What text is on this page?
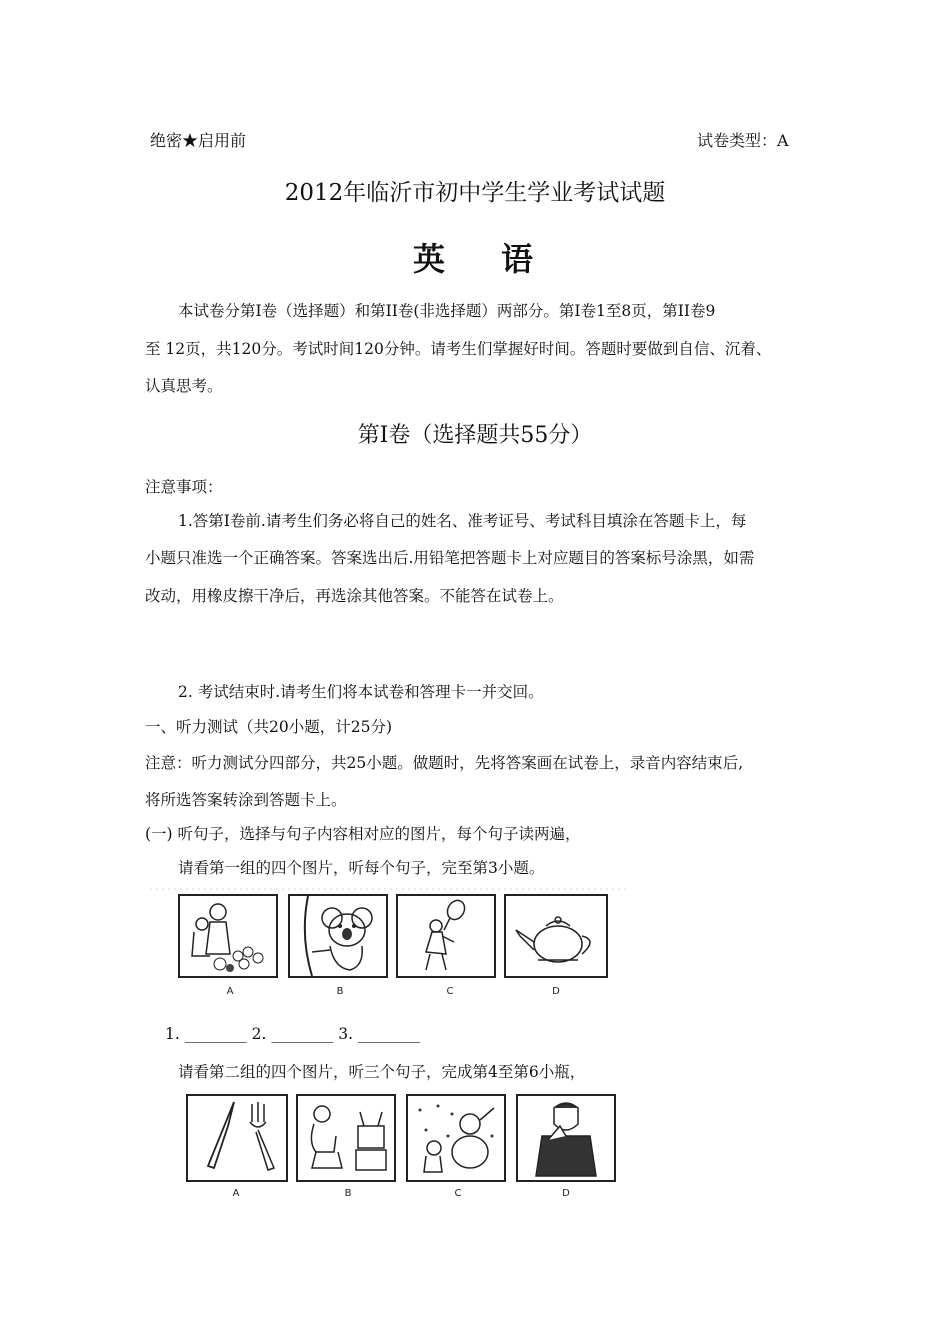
绝密★启用前	试卷类型：A
2012年临沂市初中学生学业考试试题
英 语
本试卷分第I卷（选择题）和第II卷(非选择题）两部分。第I卷1至8页，第II卷9
至 12页，共120分。考试时间120分钟。请考生们掌握好时间。答题时要做到自信、沉着、
认真思考。
第I卷（选择题共55分）
注意事项：
1.答第I卷前.请考生们务必将自己的姓名、准考证号、考试科目填涂在答题卡上，每
小题只准选一个正确答案。答案选出后.用铅笔把答题卡上对应题目的答案标号涂黑，如需
改动，用橡皮擦干净后，再选涂其他答案。不能答在试卷上。
2. 考试结束时.请考生们将本试卷和答理卡一并交回。
一、听力测试（共20小题，计25分)
注意：听力测试分四部分，共25小题。做题时，先将答案画在试卷上，录音内容结束后,
将所选答案转涂到答题卡上。
(一) 听句子，选择与句子内容相对应的图片，每个句子读两遍，
请看第一组的四个图片，听每个句子，完至第3小题。
A	B	C	D
1. ________ 2. ________ 3. ________
请看第二组的四个图片，听三个句子，完成第4至第6小瓶，
A	B	C	D
